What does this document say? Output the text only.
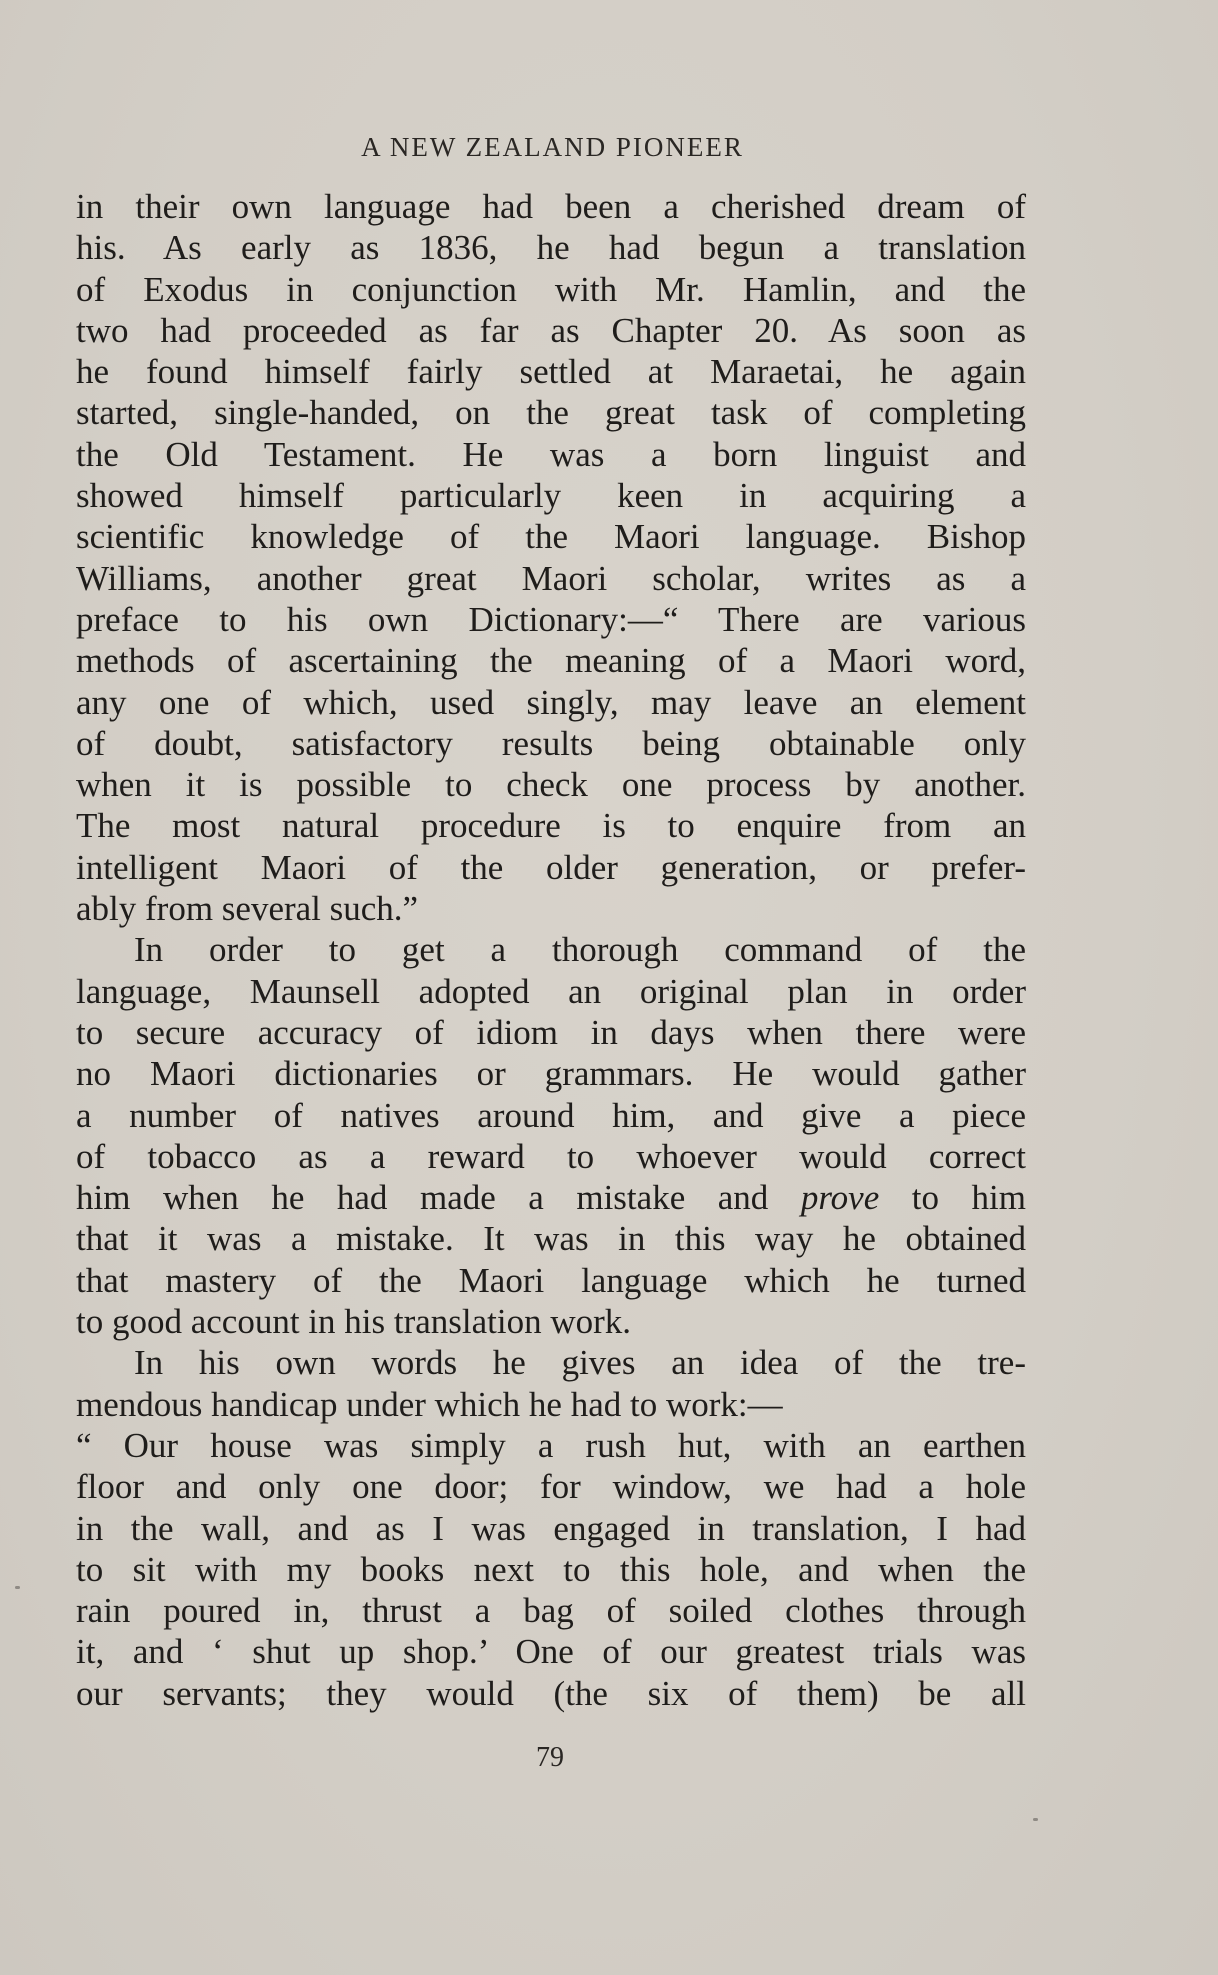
A NEW ZEALAND PIONEER
in their own language had been a cherished dream of
his. As early as 1836, he had begun a translation
of Exodus in conjunction with Mr. Hamlin, and the
two had proceeded as far as Chapter 20. As soon as
he found himself fairly settled at Maraetai, he again
started, single-handed, on the great task of completing
the Old Testament. He was a born linguist and
showed himself particularly keen in acquiring a
scientific knowledge of the Maori language. Bishop
Williams, another great Maori scholar, writes as a
preface to his own Dictionary:—“ There are various
methods of ascertaining the meaning of a Maori word,
any one of which, used singly, may leave an element
of doubt, satisfactory results being obtainable only
when it is possible to check one process by another.
The most natural procedure is to enquire from an
intelligent Maori of the older generation, or prefer-
ably from several such.”
In order to get a thorough command of the
language, Maunsell adopted an original plan in order
to secure accuracy of idiom in days when there were
no Maori dictionaries or grammars. He would gather
a number of natives around him, and give a piece
of tobacco as a reward to whoever would correct
him when he had made a mistake and prove to him
that it was a mistake. It was in this way he obtained
that mastery of the Maori language which he turned
to good account in his translation work.
In his own words he gives an idea of the tre-
mendous handicap under which he had to work:—
“ Our house was simply a rush hut, with an earthen
floor and only one door; for window, we had a hole
in the wall, and as I was engaged in translation, I had
to sit with my books next to this hole, and when the
rain poured in, thrust a bag of soiled clothes through
it, and ‘ shut up shop.’ One of our greatest trials was
our servants; they would (the six of them) be all
79
